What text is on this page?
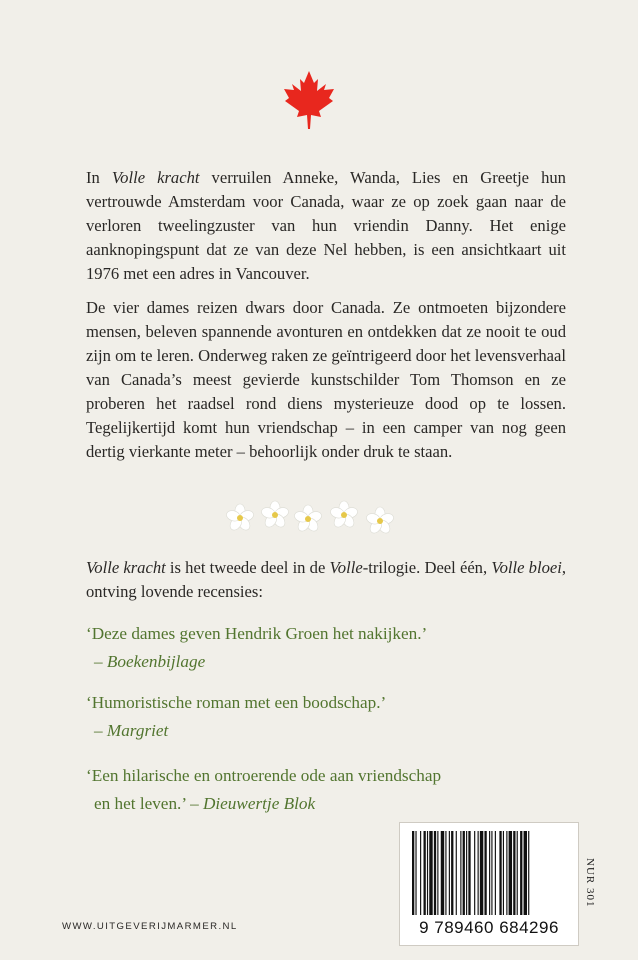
In Volle kracht verruilen Anneke, Wanda, Lies en Greetje hun vertrouwde Amsterdam voor Canada, waar ze op zoek gaan naar de verloren tweelingzuster van hun vriendin Danny. Het enige aanknopingspunt dat ze van deze Nel hebben, is een ansichtkaart uit 1976 met een adres in Vancouver.

De vier dames reizen dwars door Canada. Ze ontmoeten bijzondere mensen, beleven spannende avonturen en ontdekken dat ze nooit te oud zijn om te leren. Onderweg raken ze geïntrigeerd door het levensverhaal van Canada’s meest gevierde kunstschilder Tom Thomson en ze proberen het raadsel rond diens mysterieuze dood op te lossen. Tegelijkertijd komt hun vriendschap – in een camper van nog geen dertig vierkante meter – behoorlijk onder druk te staan.

Volle kracht is het tweede deel in de Volle-trilogie. Deel één, Volle bloei, ontving lovende recensies:

‘Deze dames geven Hendrik Groen het nakijken.’
– Boekenbijlage
‘Humoristische roman met een boodschap.’
– Margriet
‘Een hilarische en ontroerende ode aan vriendschap
en het leven.’ – Dieuwertje Blok
9 789460 684296
NUR 301
WWW.UITGEVERIJMARMER.NL
